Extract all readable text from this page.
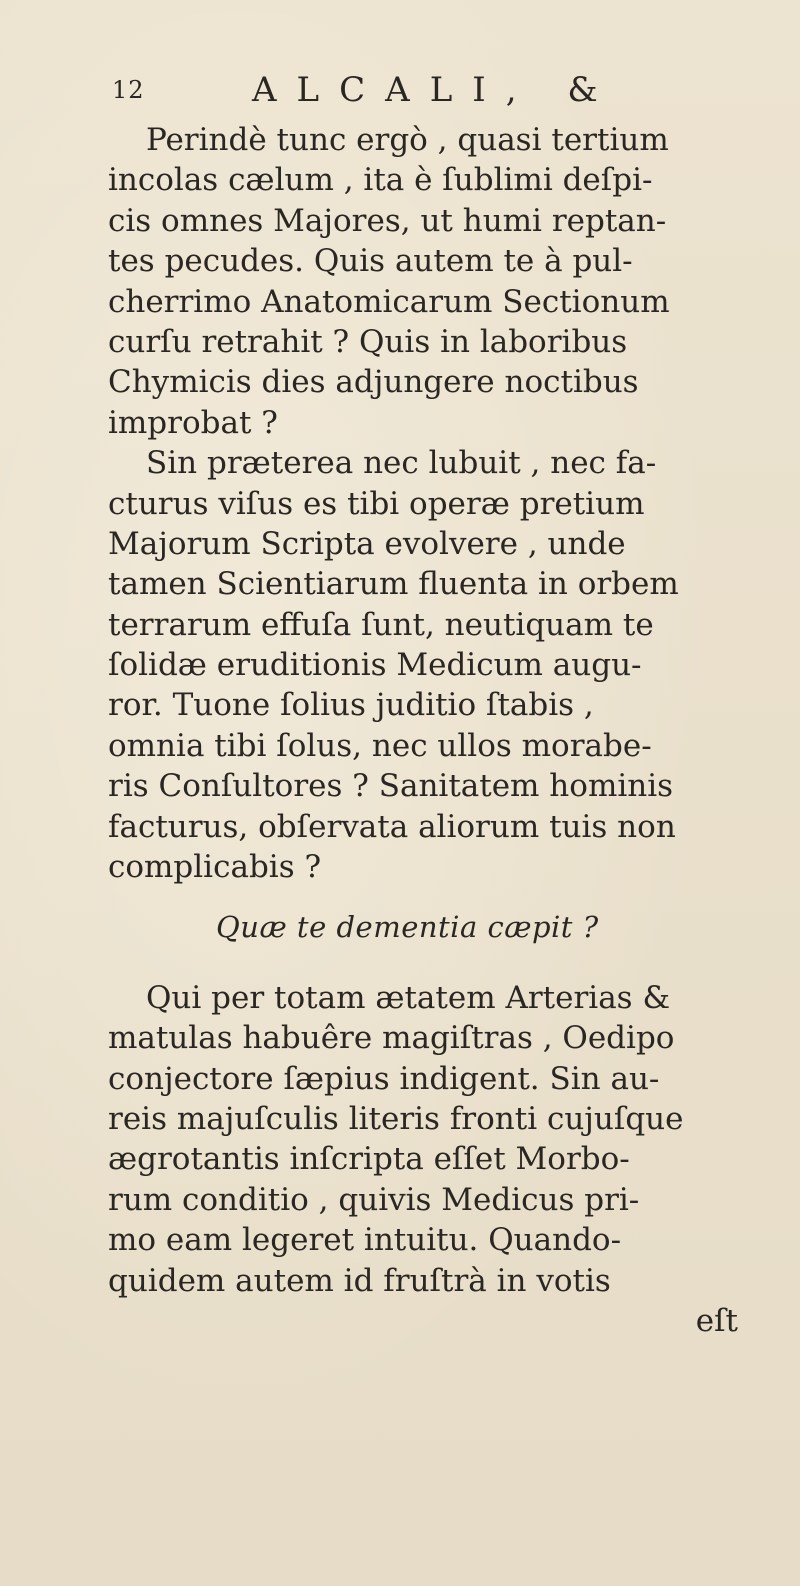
12	ALCALI, &
Perindè tunc ergò , quasi tertium
incolas cælum , ita è ſublimi deſpi-
cis omnes Majores, ut humi reptan-
tes pecudes. Quis autem te à pul-
cherrimo Anatomicarum Sectionum
curſu retrahit ? Quis in laboribus
Chymicis dies adjungere noctibus
improbat ?
Sin præterea nec lubuit , nec fa-
cturus viſus es tibi operæ pretium
Majorum Scripta evolvere , unde
tamen Scientiarum fluenta in orbem
terrarum effuſa ſunt, neutiquam te
ſolidæ eruditionis Medicum augu-
ror. Tuone ſolius juditio ſtabis ,
omnia tibi ſolus, nec ullos morabe-
ris Conſultores ? Sanitatem hominis
facturus, obſervata aliorum tuis non
complicabis ?
Quæ te dementia cæpit ?
Qui per totam ætatem Arterias &
matulas habuêre magiſtras , Oedipo
conjectore ſæpius indigent. Sin au-
reis majuſculis literis fronti cujuſque
ægrotantis inſcripta eſſet Morbo-
rum conditio , quivis Medicus pri-
mo eam legeret intuitu. Quando-
quidem autem id fruſtrà in votis
eſt
